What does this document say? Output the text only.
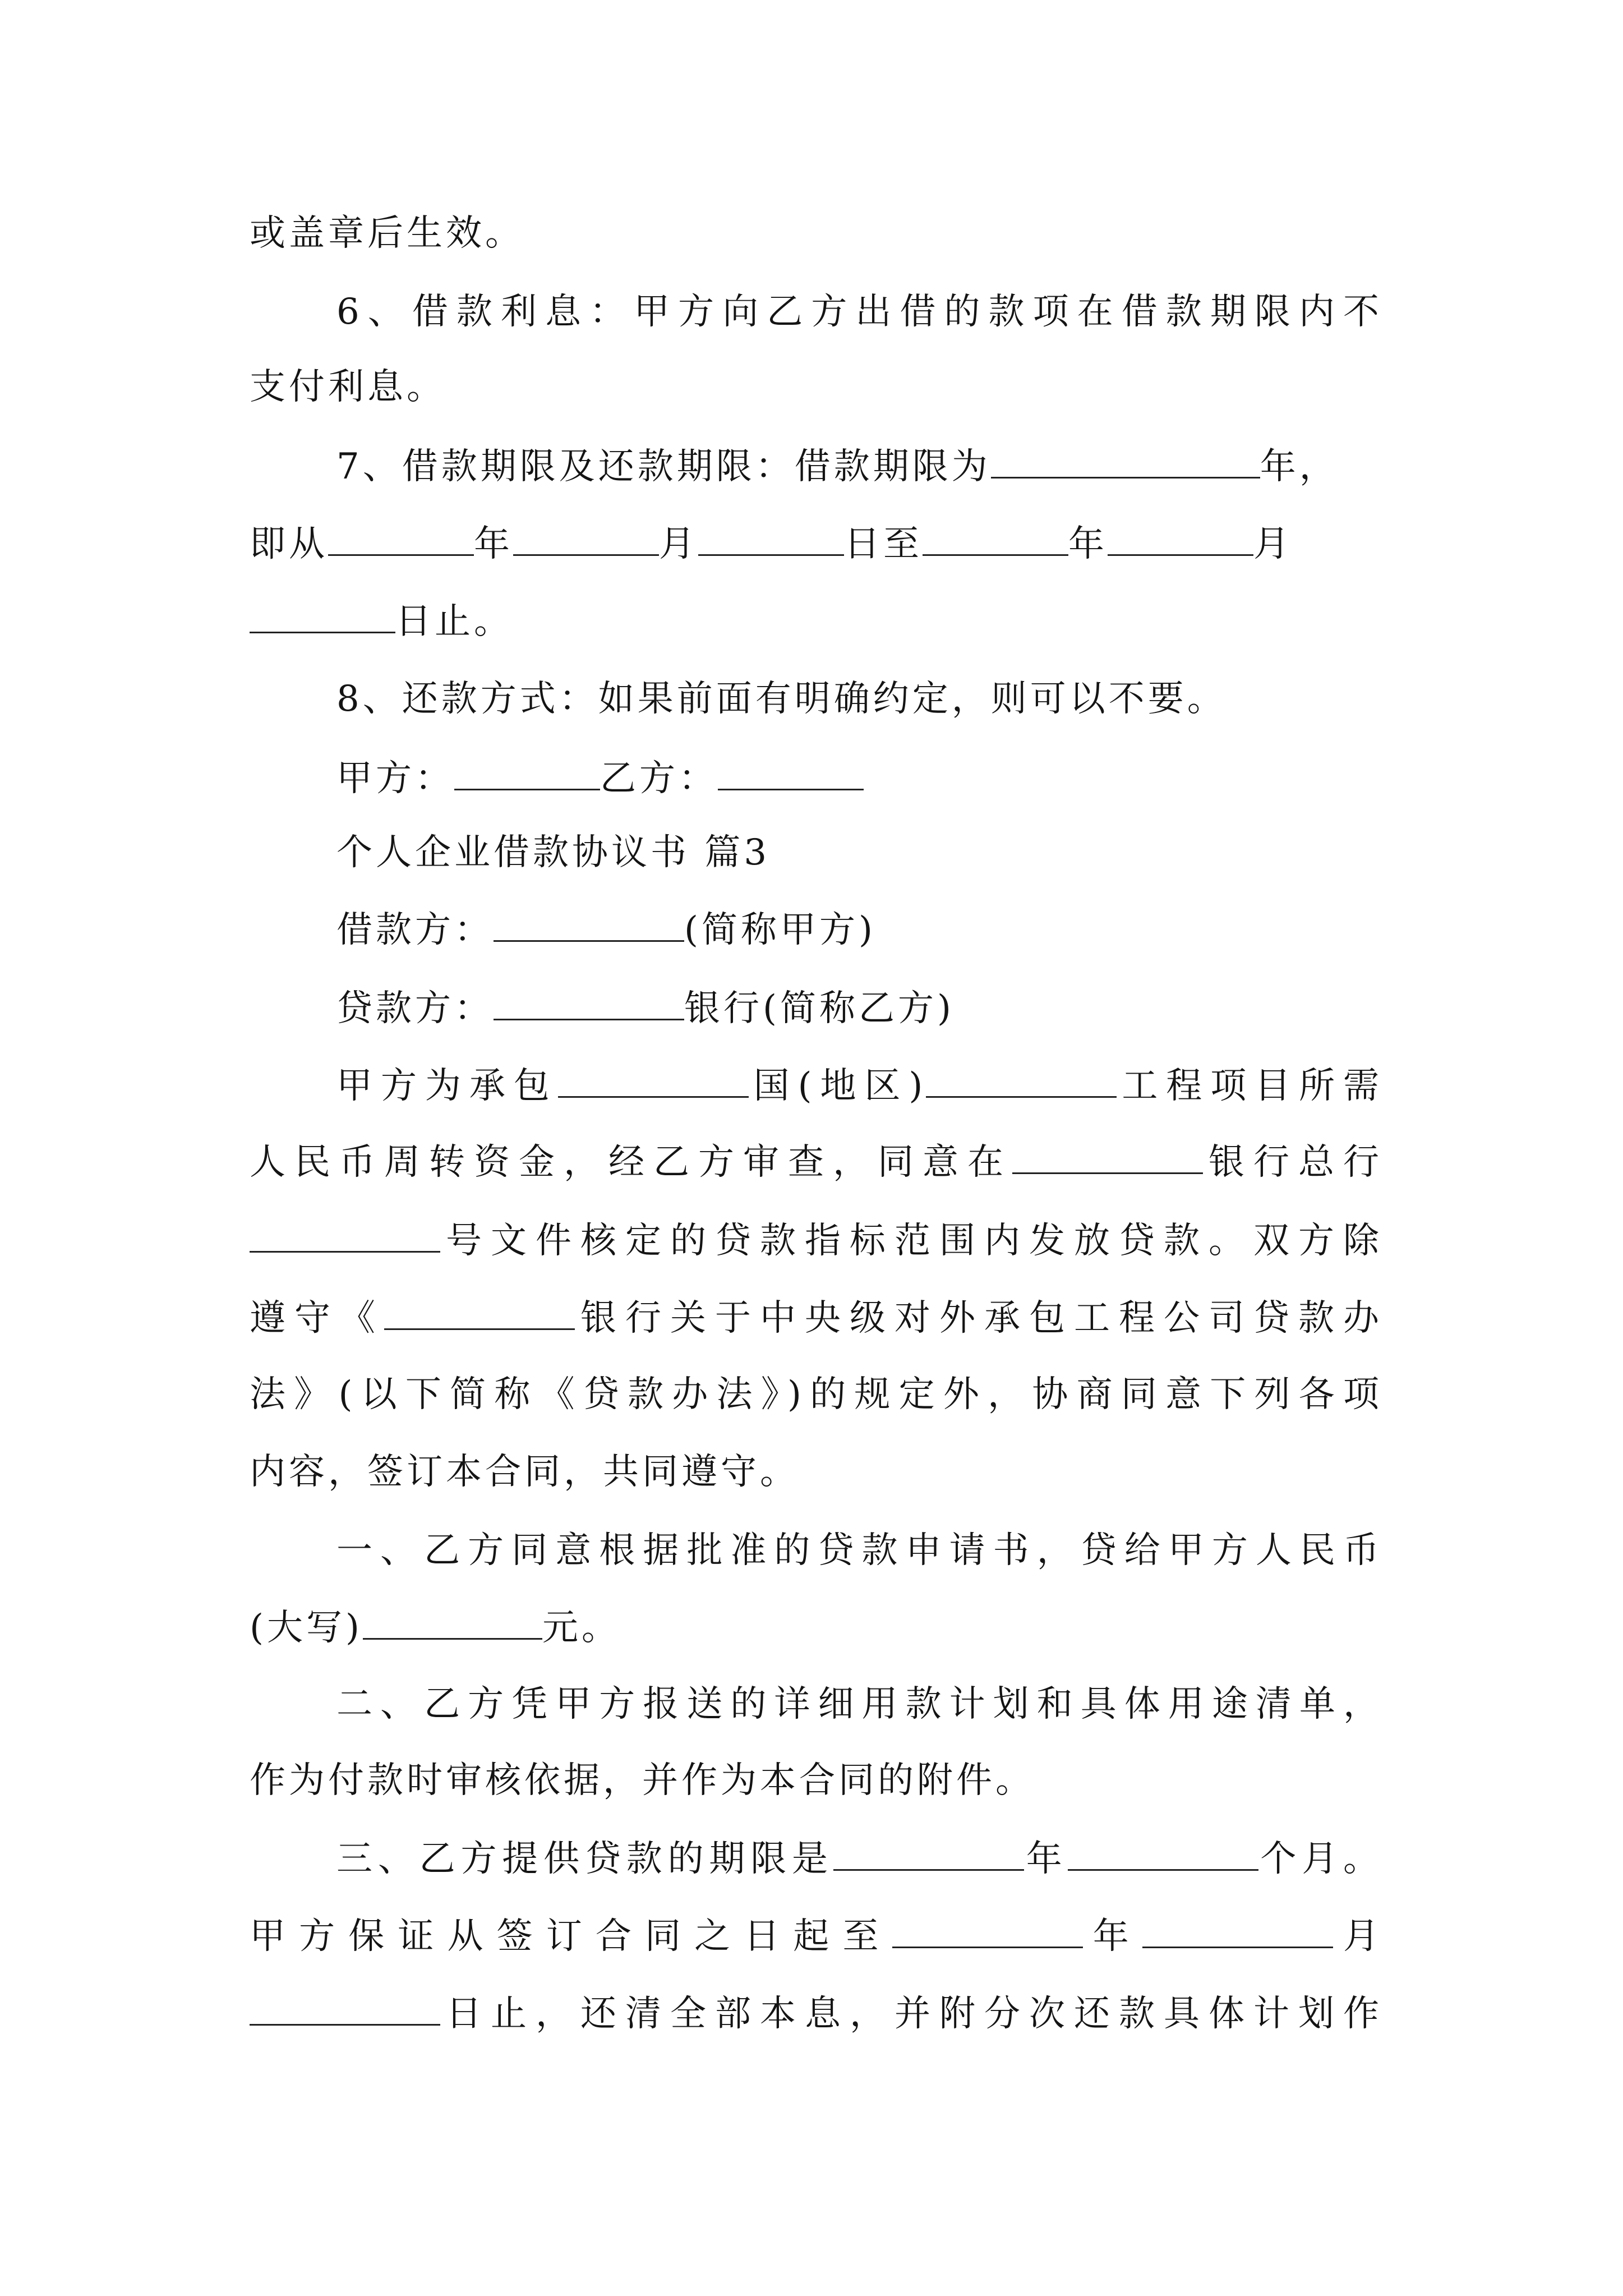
或盖章后生效。
6、借款利息：甲方向乙方出借的款项在借款期限内不
支付利息。
7、借款期限及还款期限：借款期限为	年，
即从	年	月	日至	年	月
日止。
8、还款方式：如果前面有明确约定，则可以不要。
甲方：	乙方：
个人企业借款协议书 篇3
借款方：	(简称甲方)
贷款方：	银行(简称乙方)
甲方为承包	国(地区)	工程项目所需
人民币周转资金，经乙方审查，同意在	银行总行
号文件核定的贷款指标范围内发放贷款。双方除
遵守《	银行关于中央级对外承包工程公司贷款办
法》(以下简称《贷款办法》)的规定外，协商同意下列各项
内容，签订本合同，共同遵守。
一、乙方同意根据批准的贷款申请书，贷给甲方人民币
(大写)	元。
二、乙方凭甲方报送的详细用款计划和具体用途清单，
作为付款时审核依据，并作为本合同的附件。
三、乙方提供贷款的期限是	年	个月。
甲方保证从签订合同之日起至	年	月
日止，还清全部本息，并附分次还款具体计划作
